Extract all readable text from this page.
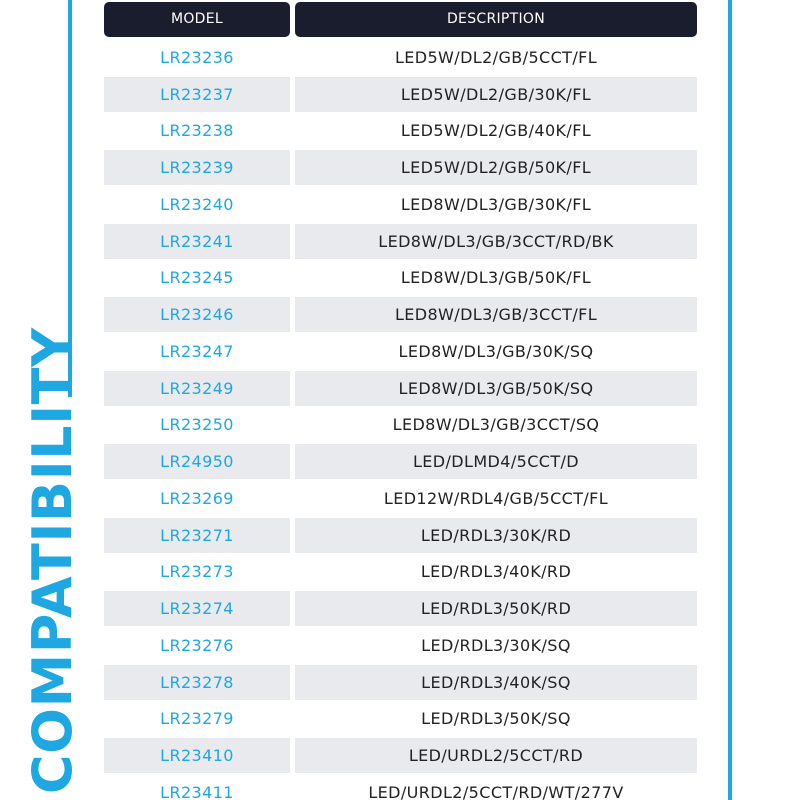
COMPATIBILITY
MODEL	DESCRIPTION
LR23236	LED5W/DL2/GB/5CCT/FL
LR23237	LED5W/DL2/GB/30K/FL
LR23238	LED5W/DL2/GB/40K/FL
LR23239	LED5W/DL2/GB/50K/FL
LR23240	LED8W/DL3/GB/30K/FL
LR23241	LED8W/DL3/GB/3CCT/RD/BK
LR23245	LED8W/DL3/GB/50K/FL
LR23246	LED8W/DL3/GB/3CCT/FL
LR23247	LED8W/DL3/GB/30K/SQ
LR23249	LED8W/DL3/GB/50K/SQ
LR23250	LED8W/DL3/GB/3CCT/SQ
LR24950	LED/DLMD4/5CCT/D
LR23269	LED12W/RDL4/GB/5CCT/FL
LR23271	LED/RDL3/30K/RD
LR23273	LED/RDL3/40K/RD
LR23274	LED/RDL3/50K/RD
LR23276	LED/RDL3/30K/SQ
LR23278	LED/RDL3/40K/SQ
LR23279	LED/RDL3/50K/SQ
LR23410	LED/URDL2/5CCT/RD
LR23411	LED/URDL2/5CCT/RD/WT/277V
